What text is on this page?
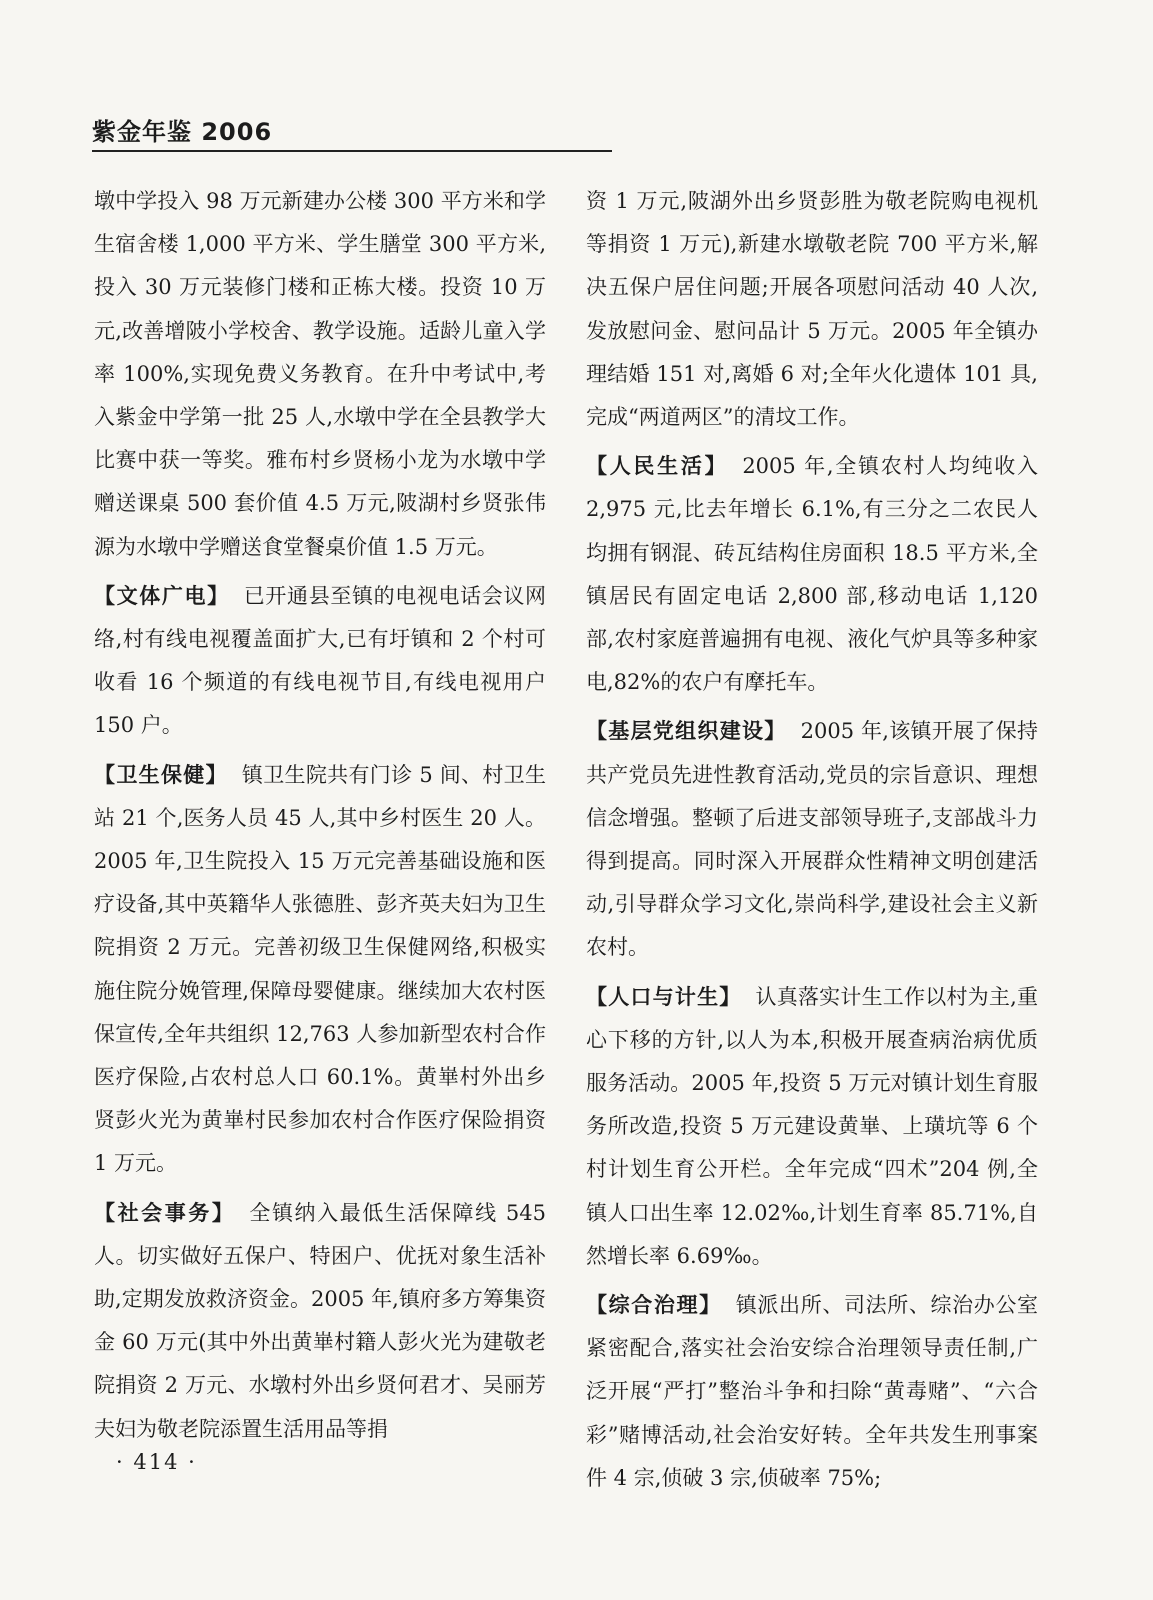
紫金年鉴 2006

墩中学投入 98 万元新建办公楼 300 平方米和学生宿舍楼 1,000 平方米、学生膳堂 300 平方米,投入 30 万元装修门楼和正栋大楼。投资 10 万元,改善增陂小学校舍、教学设施。适龄儿童入学率 100%,实现免费义务教育。在升中考试中,考入紫金中学第一批 25 人,水墩中学在全县教学大比赛中获一等奖。雅布村乡贤杨小龙为水墩中学赠送课桌 500 套价值 4.5 万元,陂湖村乡贤张伟源为水墩中学赠送食堂餐桌价值 1.5 万元。

【文体广电】 已开通县至镇的电视电话会议网络,村有线电视覆盖面扩大,已有圩镇和 2 个村可收看 16 个频道的有线电视节目,有线电视用户 150 户。

【卫生保健】 镇卫生院共有门诊 5 间、村卫生站 21 个,医务人员 45 人,其中乡村医生 20 人。2005 年,卫生院投入 15 万元完善基础设施和医疗设备,其中英籍华人张德胜、彭齐英夫妇为卫生院捐资 2 万元。完善初级卫生保健网络,积极实施住院分娩管理,保障母婴健康。继续加大农村医保宣传,全年共组织 12,763 人参加新型农村合作医疗保险,占农村总人口 60.1%。黄崋村外出乡贤彭火光为黄崋村民参加农村合作医疗保险捐资 1 万元。

【社会事务】 全镇纳入最低生活保障线 545 人。切实做好五保户、特困户、优抚对象生活补助,定期发放救济资金。2005 年,镇府多方筹集资金 60 万元(其中外出黄崋村籍人彭火光为建敬老院捐资 2 万元、水墩村外出乡贤何君才、吴丽芳夫妇为敬老院添置生活用品等捐

资 1 万元,陂湖外出乡贤彭胜为敬老院购电视机等捐资 1 万元),新建水墩敬老院 700 平方米,解决五保户居住问题;开展各项慰问活动 40 人次,发放慰问金、慰问品计 5 万元。2005 年全镇办理结婚 151 对,离婚 6 对;全年火化遗体 101 具,完成“两道两区”的清坟工作。

【人民生活】 2005 年,全镇农村人均纯收入 2,975 元,比去年增长 6.1%,有三分之二农民人均拥有钢混、砖瓦结构住房面积 18.5 平方米,全镇居民有固定电话 2,800 部,移动电话 1,120 部,农村家庭普遍拥有电视、液化气炉具等多种家电,82%的农户有摩托车。

【基层党组织建设】 2005 年,该镇开展了保持共产党员先进性教育活动,党员的宗旨意识、理想信念增强。整顿了后进支部领导班子,支部战斗力得到提高。同时深入开展群众性精神文明创建活动,引导群众学习文化,崇尚科学,建设社会主义新农村。

【人口与计生】 认真落实计生工作以村为主,重心下移的方针,以人为本,积极开展查病治病优质服务活动。2005 年,投资 5 万元对镇计划生育服务所改造,投资 5 万元建设黄崋、上璜坑等 6 个村计划生育公开栏。全年完成“四术”204 例,全镇人口出生率 12.02‰,计划生育率 85.71%,自然增长率 6.69‰。

【综合治理】 镇派出所、司法所、综治办公室紧密配合,落实社会治安综合治理领导责任制,广泛开展“严打”整治斗争和扫除“黄毒赌”、“六合彩”赌博活动,社会治安好转。全年共发生刑事案件 4 宗,侦破 3 宗,侦破率 75%;

· 414 ·
